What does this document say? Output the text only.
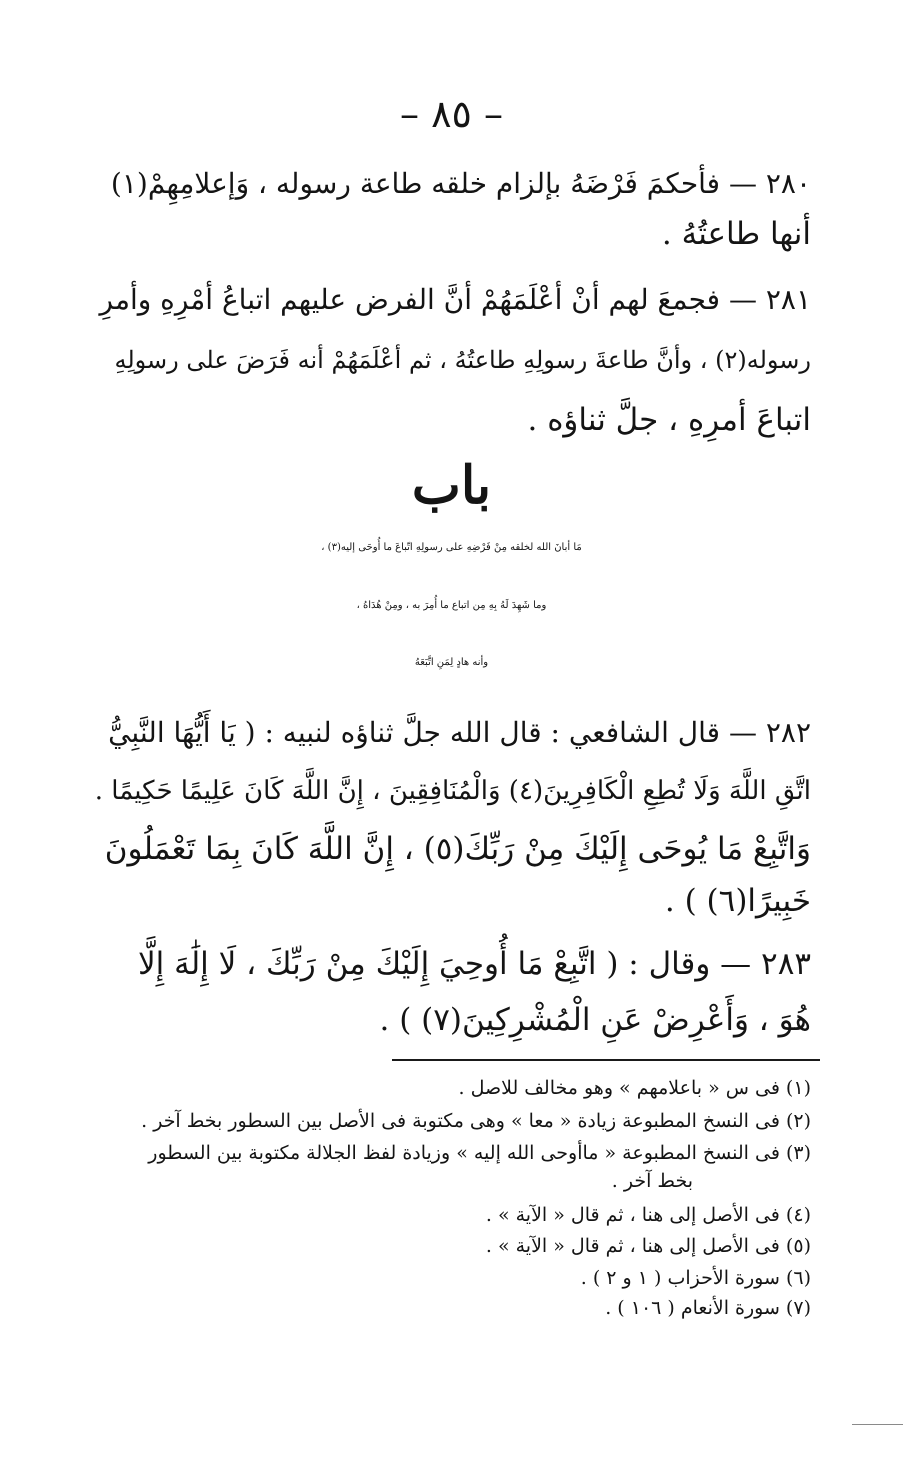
– ٨٥ –
٢٨٠ — فأحكمَ فَرْضَهُ بإلزام خلقه طاعة رسوله ، وَإعلامِهِمْ(١)
أنها طاعتُهُ .
٢٨١ — فجمعَ لهم أنْ أعْلَمَهُمْ أنَّ الفرض عليهم اتباعُ أمْرِهِ وأمرِ
رسوله(٢) ، وأنَّ طاعةَ رسولِهِ طاعتُهُ ، ثم أعْلَمَهُمْ أنه فَرَضَ على رسولِهِ
اتباعَ أمرِهِ ، جلَّ ثناؤه .
باب
مَا أبانَ الله لخلقه مِنْ فَرْضِهِ على رسولِهِ اتّباعَ ما أُوحَى إليه(٣) ،
وما شَهِدَ لَهُ بِهِ مِن اتباع ما أُمِرَ به ، ومِنْ هُدَاهُ ،
وأنه هادٍ لِمَنِ اتَّبَعَهُ
٢٨٢ — قال الشافعي : قال الله جلَّ ثناؤه لنبيه : ( يَا أَيُّهَا النَّبِيُّ
اتَّقِ اللَّهَ وَلَا تُطِعِ الْكَافِرِينَ(٤) وَالْمُنَافِقِينَ ، إِنَّ اللَّهَ كَانَ عَلِيمًا حَكِيمًا .
وَاتَّبِعْ مَا يُوحَى إِلَيْكَ مِنْ رَبِّكَ(٥) ، إِنَّ اللَّهَ كَانَ بِمَا تَعْمَلُونَ
خَبِيرًا(٦) ) .
٢٨٣ — وقال : ( اتَّبِعْ مَا أُوحِيَ إِلَيْكَ مِنْ رَبِّكَ ، لَا إِلَٰهَ إِلَّا
هُوَ ، وَأَعْرِضْ عَنِ الْمُشْرِكِينَ(٧) ) .
(١) فى س « باعلامهم » وهو مخالف للاصل .
(٢) فى النسخ المطبوعة زيادة « معا » وهى مكتوبة فى الأصل بين السطور بخط آخر .
(٣) فى النسخ المطبوعة « ماأوحى الله إليه » وزيادة لفظ الجلالة مكتوبة بين السطور
بخط آخر .
(٤) فى الأصل إلى هنا ، ثم قال « الآية » .
(٥) فى الأصل إلى هنا ، ثم قال « الآية » .
(٦) سورة الأحزاب ( ١ و ٢ ) .
(٧) سورة الأنعام ( ١٠٦ ) .
